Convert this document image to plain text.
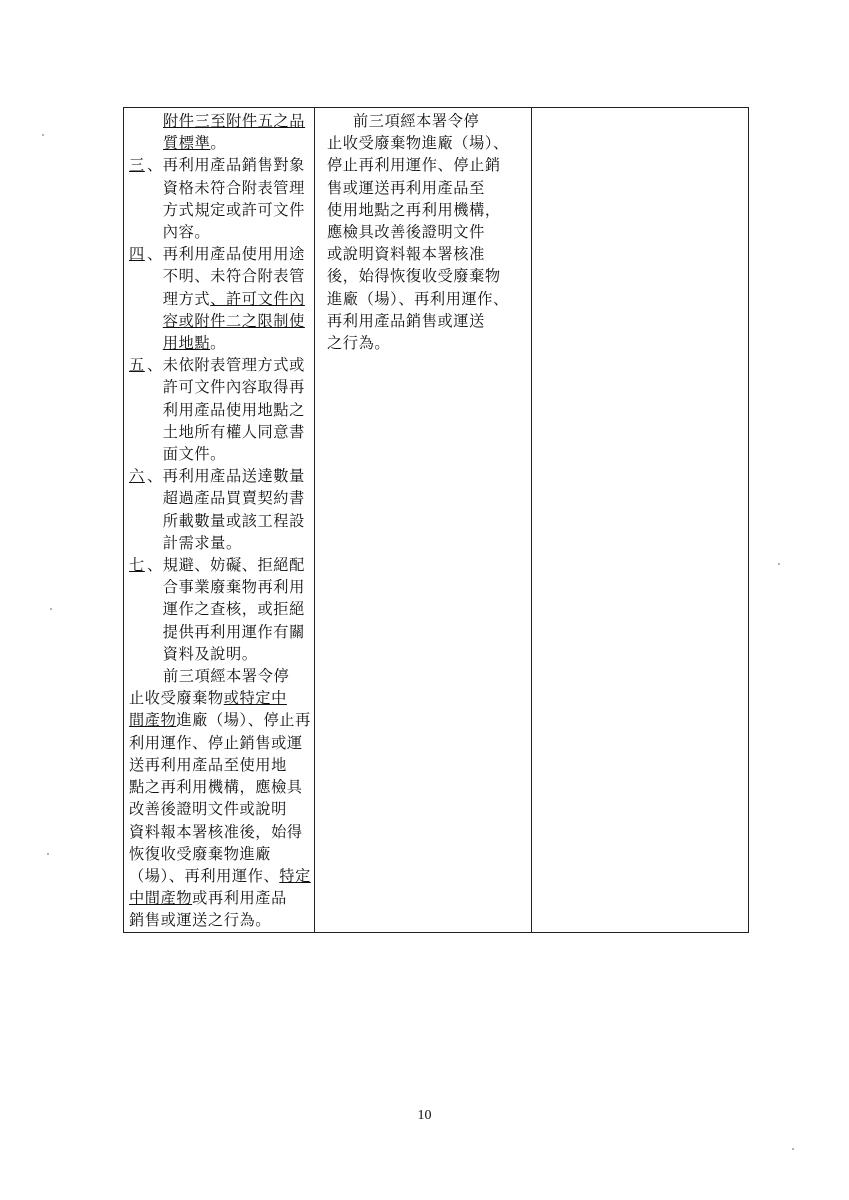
附件三至附件五之品
質標準。
三 、 再利用產品銷售對象
資格未符合附表管理
方式規定或許可文件
內容。
四 、 再利用產品使用用途
不明、未符合附表管
理方式、許可文件內
容或附件二之限制使
用地點。
五 、 未依附表管理方式或
許可文件內容取得再
利用產品使用地點之
土地所有權人同意書
面文件。
六 、 再利用產品送達數量
超過產品買賣契約書
所載數量或該工程設
計需求量。
七 、 規避、妨礙、拒絕配
合事業廢棄物再利用
運作之查核，或拒絕
提供再利用運作有關
資料及說明。
前三項經本署令停
止收受廢棄物或特定中
間產物進廠（場）、停止再
利用運作、停止銷售或運
送再利用產品至使用地
點之再利用機構，應檢具
改善後證明文件或說明
資料報本署核准後，始得
恢復收受廢棄物進廠
（場）、再利用運作、特定
中間產物或再利用產品
銷售或運送之行為。

前三項經本署令停
止收受廢棄物進廠（場）、
停止再利用運作、停止銷
售或運送再利用產品至
使用地點之再利用機構，
應檢具改善後證明文件
或說明資料報本署核准
後，始得恢復收受廢棄物
進廠（場）、再利用運作、
再利用產品銷售或運送
之行為。

10
